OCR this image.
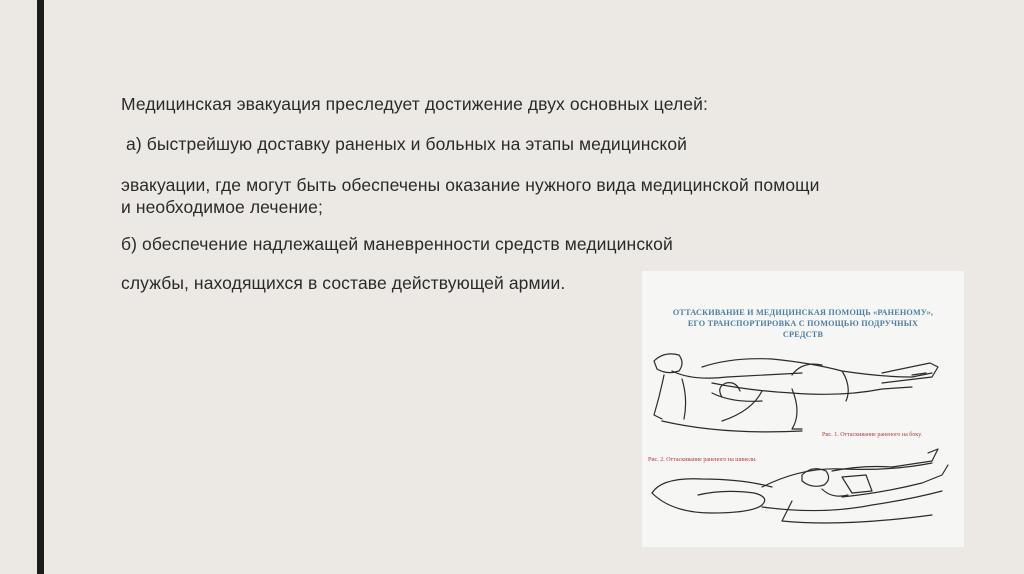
Медицинская эвакуация преследует достижение двух основных целей:
а) быстрейшую доставку раненых и больных на этапы медицинской
эвакуации, где могут быть обеспечены оказание нужного вида медицинской помощи
и необходимое лечение;
б) обеспечение надлежащей маневренности средств медицинской
службы, находящихся в составе действующей армии.
ОТТАСКИВАНИЕ И МЕДИЦИНСКАЯ ПОМОЩЬ «РАНЕНОМУ»,
ЕГО ТРАНСПОРТИРОВКА С ПОМОЩЬЮ ПОДРУЧНЫХ
СРЕДСТВ
Рис. 1. Оттаскивание раненого на боку.
Рис. 2. Оттаскивание раненого на шинели.
